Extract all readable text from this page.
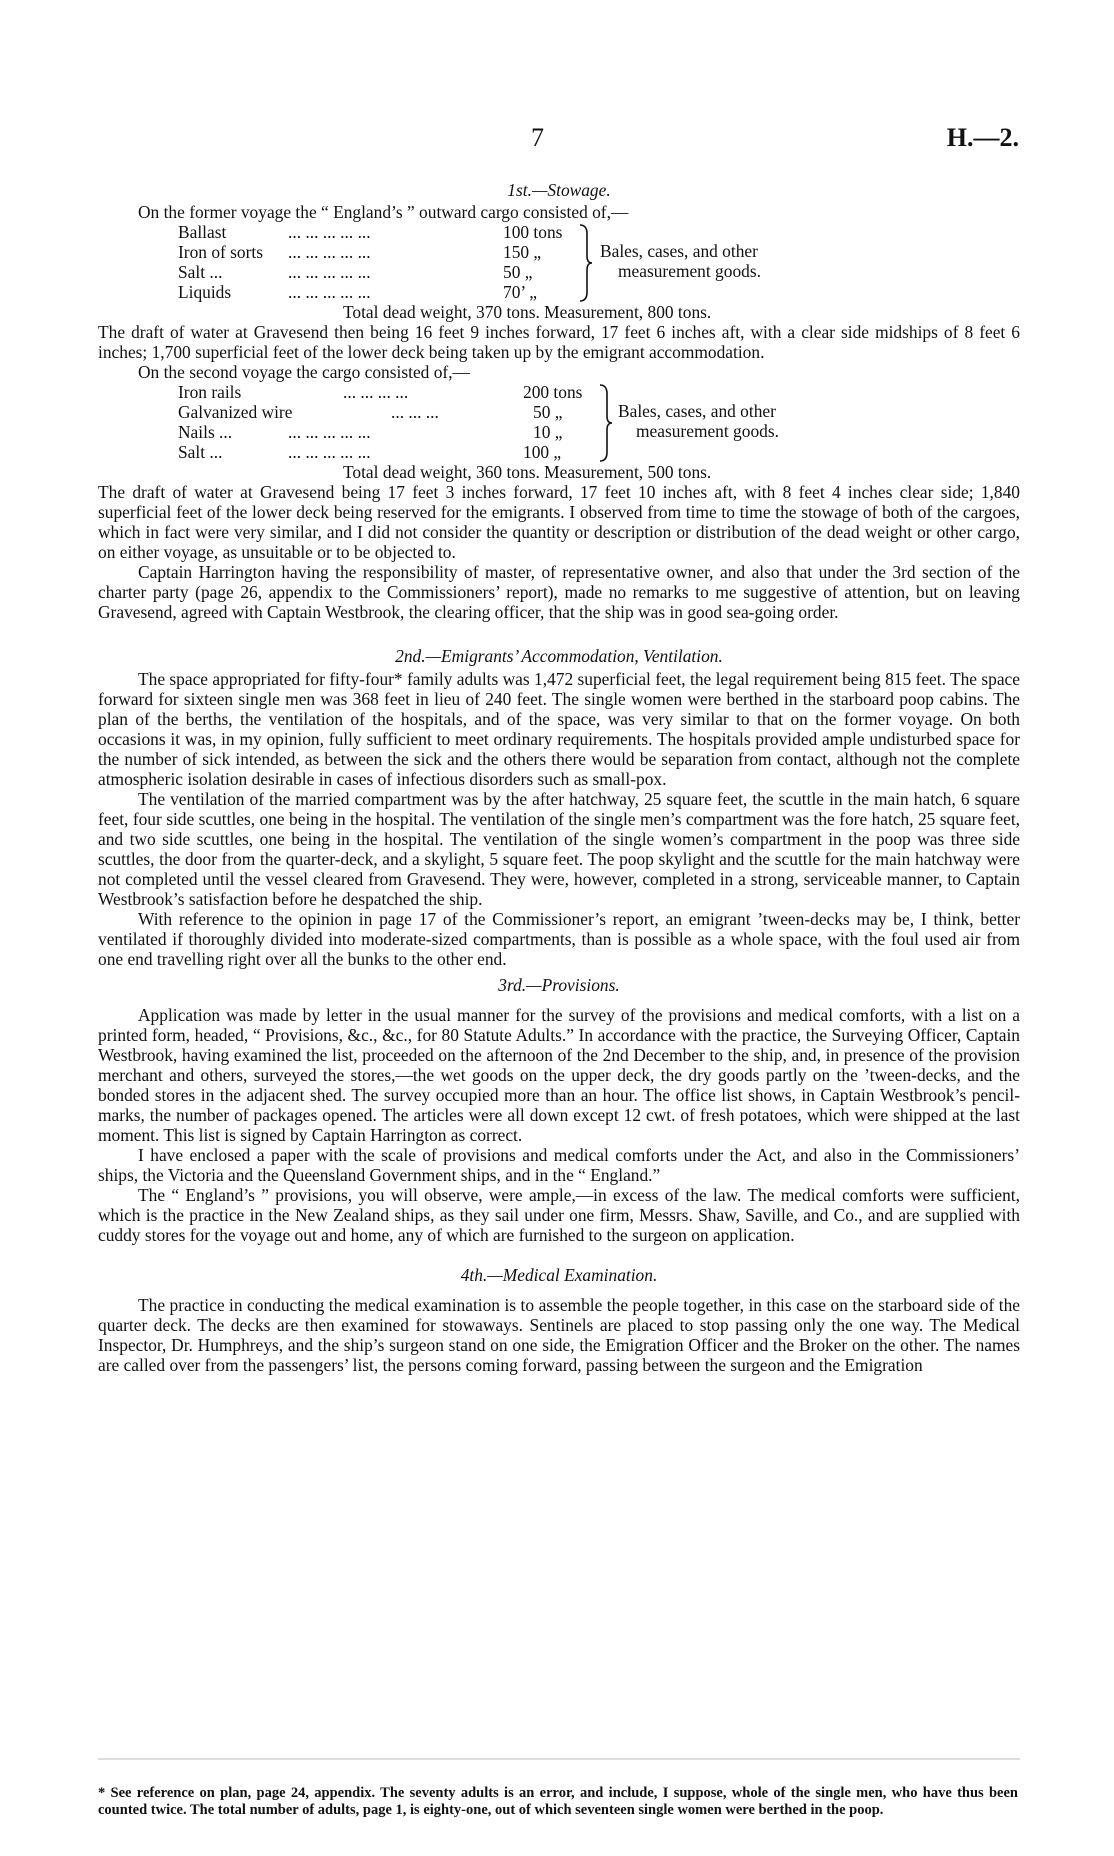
7	H.—2.

1st.—Stowage.

On the former voyage the “ England’s ” outward cargo consisted of,—

Ballast	... ... ... ... ...	100 tons
Iron of sorts ... ... ... ... ...	150 „
Salt ...	... ... ... ... ...	50 „
Liquids	... ... ... ... ...	70’ „
Bales, cases, and other
measurement goods.
Total dead weight, 370 tons. Measurement, 800 tons.

The draft of water at Gravesend then being 16 feet 9 inches forward, 17 feet 6 inches aft, with a clear side midships of 8 feet 6 inches; 1,700 superficial feet of the lower deck being taken up by the emigrant accommodation.

On the second voyage the cargo consisted of,—

Iron rails	... ... ... ...	200 tons
Galvanized wire	... ... ...	50 „
Nails ...	... ... ... ... ...	10 „
Salt ...	... ... ... ... ...	100 „
Bales, cases, and other
measurement goods.
Total dead weight, 360 tons. Measurement, 500 tons.

The draft of water at Gravesend being 17 feet 3 inches forward, 17 feet 10 inches aft, with 8 feet 4 inches clear side; 1,840 superficial feet of the lower deck being reserved for the emigrants. I observed from time to time the stowage of both of the cargoes, which in fact were very similar, and I did not consider the quantity or description or distribution of the dead weight or other cargo, on either voyage, as unsuitable or to be objected to.

Captain Harrington having the responsibility of master, of representative owner, and also that under the 3rd section of the charter party (page 26, appendix to the Commissioners’ report), made no remarks to me suggestive of attention, but on leaving Gravesend, agreed with Captain Westbrook, the clearing officer, that the ship was in good sea-going order.

2nd.—Emigrants’ Accommodation, Ventilation.

The space appropriated for fifty-four* family adults was 1,472 superficial feet, the legal requirement being 815 feet. The space forward for sixteen single men was 368 feet in lieu of 240 feet. The single women were berthed in the starboard poop cabins. The plan of the berths, the ventilation of the hospitals, and of the space, was very similar to that on the former voyage. On both occasions it was, in my opinion, fully sufficient to meet ordinary requirements. The hospitals provided ample undisturbed space for the number of sick intended, as between the sick and the others there would be separation from contact, although not the complete atmospheric isolation desirable in cases of infectious disorders such as small-pox.

The ventilation of the married compartment was by the after hatchway, 25 square feet, the scuttle in the main hatch, 6 square feet, four side scuttles, one being in the hospital. The ventilation of the single men’s compartment was the fore hatch, 25 square feet, and two side scuttles, one being in the hospital. The ventilation of the single women’s compartment in the poop was three side scuttles, the door from the quarter-deck, and a skylight, 5 square feet. The poop skylight and the scuttle for the main hatchway were not completed until the vessel cleared from Gravesend. They were, however, completed in a strong, serviceable manner, to Captain Westbrook’s satisfaction before he despatched the ship.

With reference to the opinion in page 17 of the Commissioner’s report, an emigrant ’tween-decks may be, I think, better ventilated if thoroughly divided into moderate-sized compartments, than is possible as a whole space, with the foul used air from one end travelling right over all the bunks to the other end.

3rd.—Provisions.

Application was made by letter in the usual manner for the survey of the provisions and medical comforts, with a list on a printed form, headed, “ Provisions, &c., &c., for 80 Statute Adults.” In accordance with the practice, the Surveying Officer, Captain Westbrook, having examined the list, proceeded on the afternoon of the 2nd December to the ship, and, in presence of the provision merchant and others, surveyed the stores,—the wet goods on the upper deck, the dry goods partly on the ’tween-decks, and the bonded stores in the adjacent shed. The survey occupied more than an hour. The office list shows, in Captain Westbrook’s pencil-marks, the number of packages opened. The articles were all down except 12 cwt. of fresh potatoes, which were shipped at the last moment. This list is signed by Captain Harrington as correct.

I have enclosed a paper with the scale of provisions and medical comforts under the Act, and also in the Commissioners’ ships, the Victoria and the Queensland Government ships, and in the “ England.”

The “ England’s ” provisions, you will observe, were ample,—in excess of the law. The medical comforts were sufficient, which is the practice in the New Zealand ships, as they sail under one firm, Messrs. Shaw, Saville, and Co., and are supplied with cuddy stores for the voyage out and home, any of which are furnished to the surgeon on application.

4th.—Medical Examination.

The practice in conducting the medical examination is to assemble the people together, in this case on the starboard side of the quarter deck. The decks are then examined for stowaways. Sentinels are placed to stop passing only the one way. The Medical Inspector, Dr. Humphreys, and the ship’s surgeon stand on one side, the Emigration Officer and the Broker on the other. The names are called over from the passengers’ list, the persons coming forward, passing between the surgeon and the Emigration

* See reference on plan, page 24, appendix. The seventy adults is an error, and include, I suppose, whole of the single men, who have thus been counted twice. The total number of adults, page 1, is eighty-one, out of which seventeen single women were berthed in the poop.
